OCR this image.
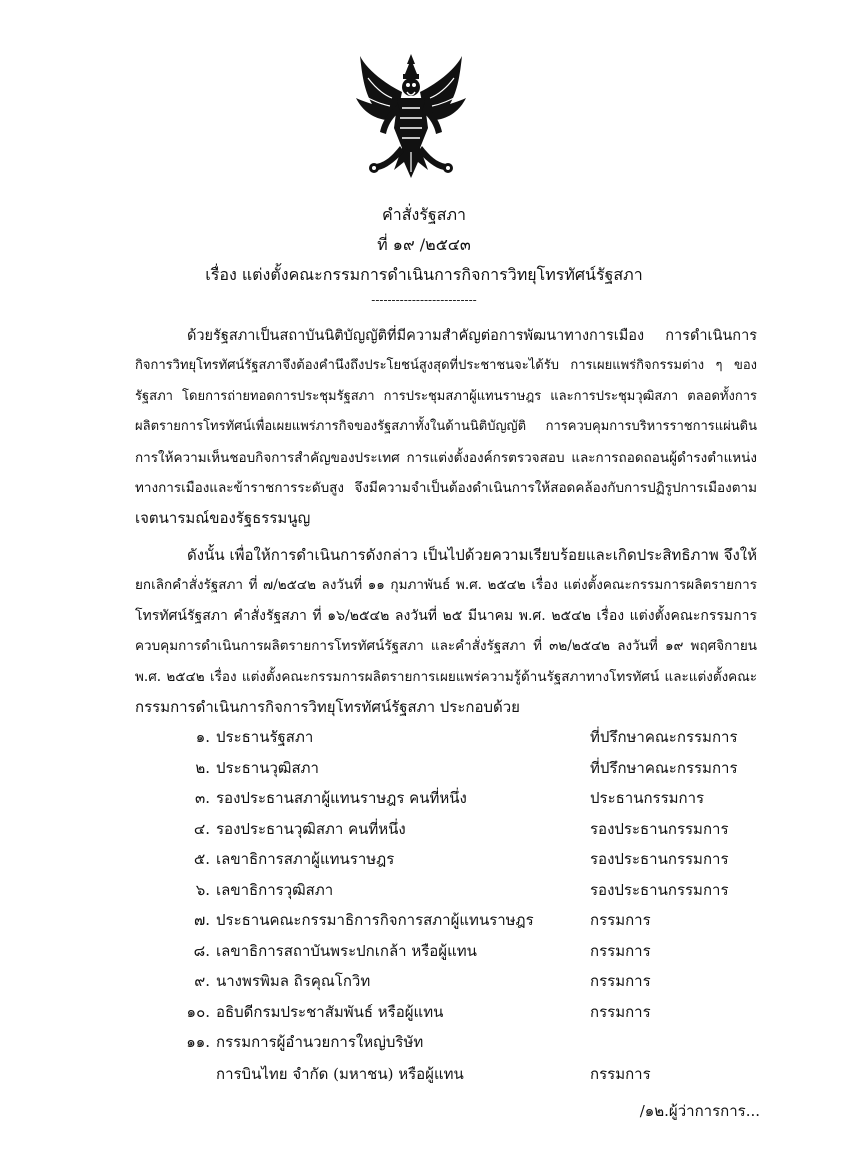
คำสั่งรัฐสภา
ที่ ๑๙ /๒๕๔๓
เรื่อง แต่งตั้งคณะกรรมการดำเนินการกิจการวิทยุโทรทัศน์รัฐสภา
--------------------------
ด้วยรัฐสภาเป็นสถาบันนิติบัญญัติที่มีความสำคัญต่อการพัฒนาทางการเมือง การดำเนินการ
กิจการวิทยุโทรทัศน์รัฐสภาจึงต้องคำนึงถึงประโยชน์สูงสุดที่ประชาชนจะได้รับ การเผยแพร่กิจกรรมต่าง ๆ ของ
รัฐสภา โดยการถ่ายทอดการประชุมรัฐสภา การประชุมสภาผู้แทนราษฎร และการประชุมวุฒิสภา ตลอดทั้งการ
ผลิตรายการโทรทัศน์เพื่อเผยแพร่ภารกิจของรัฐสภาทั้งในด้านนิติบัญญัติ การควบคุมการบริหารราชการแผ่นดิน
การให้ความเห็นชอบกิจการสำคัญของประเทศ การแต่งตั้งองค์กรตรวจสอบ และการถอดถอนผู้ดำรงตำแหน่ง
ทางการเมืองและข้าราชการระดับสูง จึงมีความจำเป็นต้องดำเนินการให้สอดคล้องกับการปฏิรูปการเมืองตาม
เจตนารมณ์ของรัฐธรรมนูญ
ดังนั้น เพื่อให้การดำเนินการดังกล่าว เป็นไปด้วยความเรียบร้อยและเกิดประสิทธิภาพ จึงให้
ยกเลิกคำสั่งรัฐสภา ที่ ๗/๒๕๔๒ ลงวันที่ ๑๑ กุมภาพันธ์ พ.ศ. ๒๕๔๒ เรื่อง แต่งตั้งคณะกรรมการผลิตรายการ
โทรทัศน์รัฐสภา คำสั่งรัฐสภา ที่ ๑๖/๒๕๔๒ ลงวันที่ ๒๕ มีนาคม พ.ศ. ๒๕๔๒ เรื่อง แต่งตั้งคณะกรรมการ
ควบคุมการดำเนินการผลิตรายการโทรทัศน์รัฐสภา และคำสั่งรัฐสภา ที่ ๓๒/๒๕๔๒ ลงวันที่ ๑๙ พฤศจิกายน
พ.ศ. ๒๕๔๒ เรื่อง แต่งตั้งคณะกรรมการผลิตรายการเผยแพร่ความรู้ด้านรัฐสภาทางโทรทัศน์ และแต่งตั้งคณะ
กรรมการดำเนินการกิจการวิทยุโทรทัศน์รัฐสภา ประกอบด้วย
๑. ประธานรัฐสภา	ที่ปรึกษาคณะกรรมการ
๒. ประธานวุฒิสภา	ที่ปรึกษาคณะกรรมการ
๓. รองประธานสภาผู้แทนราษฎร คนที่หนึ่ง	ประธานกรรมการ
๔. รองประธานวุฒิสภา คนที่หนึ่ง	รองประธานกรรมการ
๕. เลขาธิการสภาผู้แทนราษฎร	รองประธานกรรมการ
๖. เลขาธิการวุฒิสภา	รองประธานกรรมการ
๗. ประธานคณะกรรมาธิการกิจการสภาผู้แทนราษฎร	กรรมการ
๘. เลขาธิการสถาบันพระปกเกล้า หรือผู้แทน	กรรมการ
๙. นางพรพิมล ถิรคุณโกวิท	กรรมการ
๑๐. อธิบดีกรมประชาสัมพันธ์ หรือผู้แทน	กรรมการ
๑๑. กรรมการผู้อำนวยการใหญ่บริษัท
การบินไทย จำกัด (มหาชน) หรือผู้แทน	กรรมการ
/๑๒.ผู้ว่าการการ...
